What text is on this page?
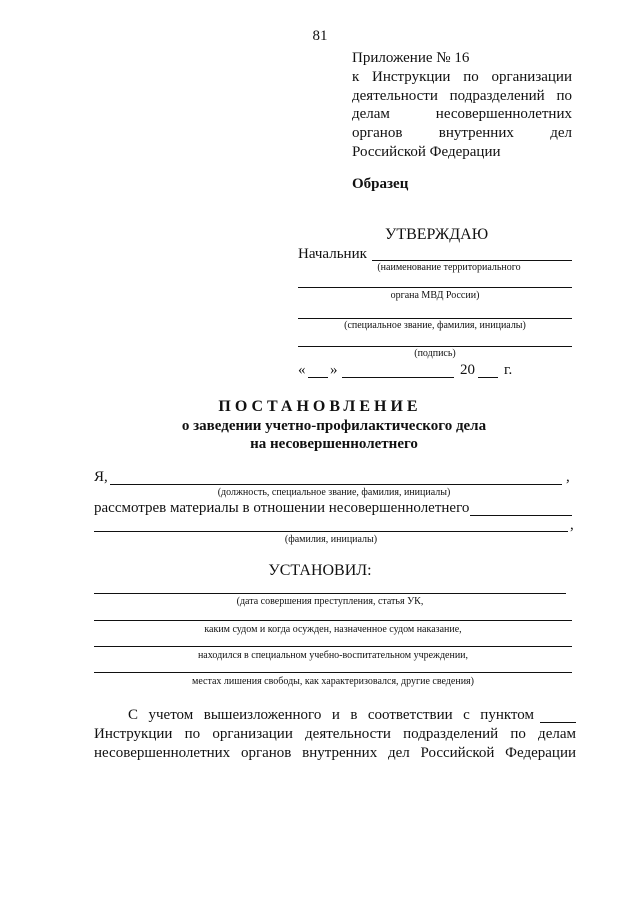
81
Приложение № 16
к Инструкции по организации
деятельности подразделений по
делам несовершеннолетних
органов внутренних дел
Российской Федерации
Образец
УТВЕРЖДАЮ
Начальник
(наименование территориального
органа МВД России)
(специальное звание, фамилия, инициалы)
(подпись)
« »	20 г.
ПОСТАНОВЛЕНИЕ
о заведении учетно-профилактического дела
на несовершеннолетнего
Я,	,
(должность, специальное звание, фамилия, инициалы)
рассмотрев материалы в отношении несовершеннолетнего
,
(фамилия, инициалы)
УСТАНОВИЛ:
(дата совершения преступления, статья УК,
каким судом и когда осужден, назначенное судом наказание,
находился в специальном учебно-воспитательном учреждении,
местах лишения свободы, как характеризовался, другие сведения)
С учетом вышеизложенного и в соответствии с пунктом
Инструкции по организации деятельности подразделений по делам
несовершеннолетних органов внутренних дел Российской Федерации
